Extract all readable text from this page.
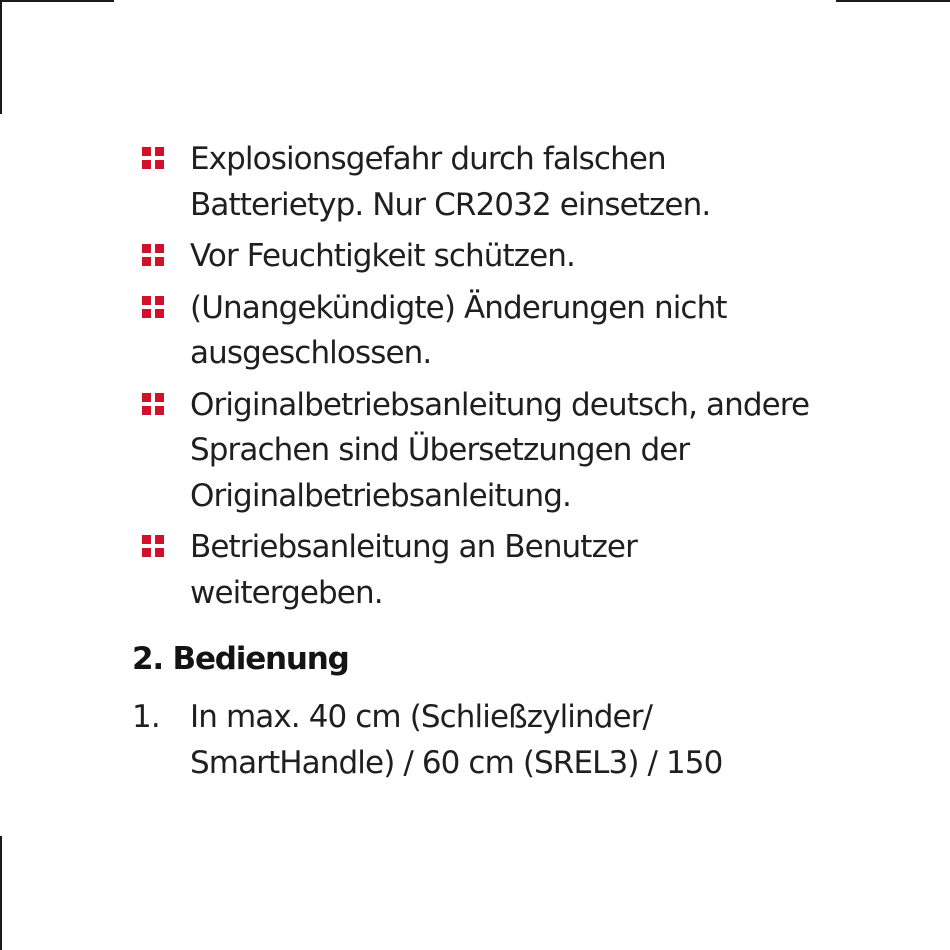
Explosionsgefahr durch falschen Batterietyp. Nur CR2032 einsetzen.
Vor Feuchtigkeit schützen.
(Unangekündigte) Änderungen nicht ausgeschlossen.
Originalbetriebsanleitung deutsch, andere Sprachen sind Übersetzungen der Originalbetriebsanleitung.
Betriebsanleitung an Benutzer weitergeben.
2. Bedienung
1. In max. 40 cm (Schließzylinder/ SmartHandle) / 60 cm (SREL3) / 150
